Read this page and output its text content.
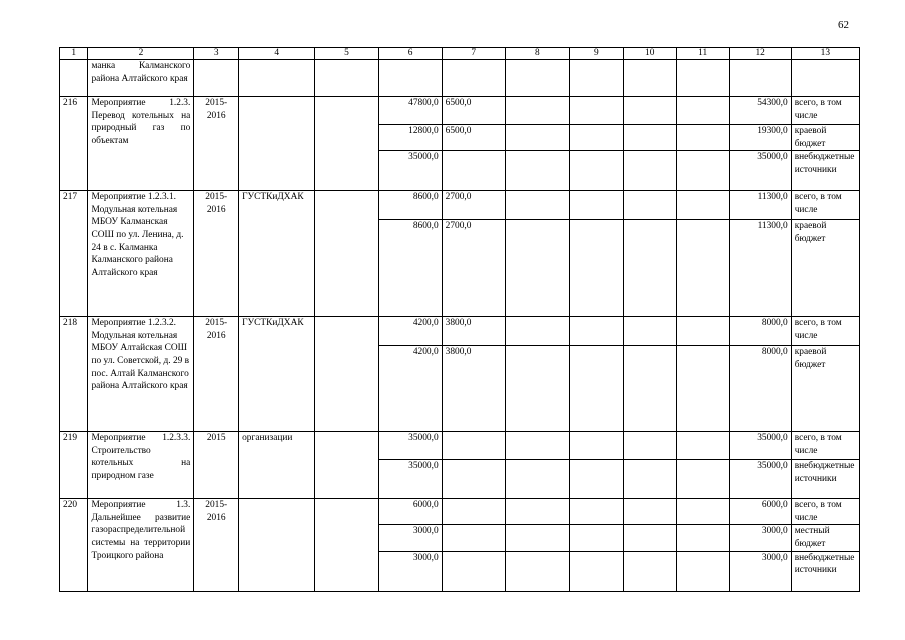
62
1	2	3	4	5	6	7	8	9	10	11	12	13
	манка Калманского района Алтайского края											
216	Мероприятие 1.2.3. Перевод котельных на природный газ по объектам	2015-2016			47800,0	6500,0					54300,0	всего, в том числе
					12800,0	6500,0					19300,0	краевой бюджет
					35000,0						35000,0	внебюджетные источники
217	Мероприятие 1.2.3.1. Модульная котельная МБОУ Калманская СОШ по ул. Ленина, д. 24 в с. Калманка Калманского района Алтайского края	2015-2016	ГУСТКиДХАК		8600,0	2700,0					11300,0	всего, в том числе
					8600,0	2700,0					11300,0	краевой бюджет
218	Мероприятие 1.2.3.2. Модульная котельная МБОУ Алтайская СОШ по ул. Советской, д. 29 в пос. Алтай Калманского района Алтайского края	2015-2016	ГУСТКиДХАК		4200,0	3800,0					8000,0	всего, в том числе
					4200,0	3800,0					8000,0	краевой бюджет
219	Мероприятие 1.2.3.3. Строительство котельных на природном газе	2015	организации		35000,0						35000,0	всего, в том числе
					35000,0						35000,0	внебюджетные источники
220	Мероприятие 1.3. Дальнейшее развитие газораспределительной системы на территории Троицкого района	2015-2016			6000,0						6000,0	всего, в том числе
					3000,0						3000,0	местный бюджет
					3000,0						3000,0	внебюджетные источники
